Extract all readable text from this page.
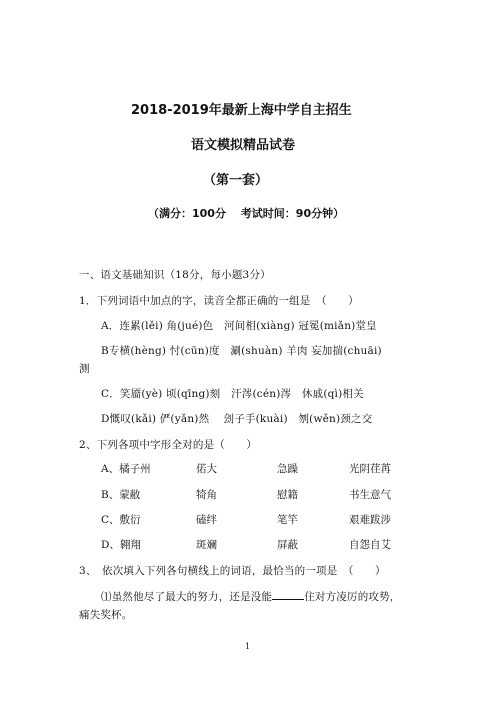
2018-2019年最新上海中学自主招生
语文模拟精品试卷
（第一套）
（满分：100分　 考试时间：90分钟）
一、语文基础知识（18分，每小题3分）
1．下列词语中加点的字，读音全都正确的一组是　（　　）
A．连累(lěi) 角(jué)色　河间相(xiàng) 冠冕(miǎn)堂皇
B专横(hèng) 忖(cūn)度　涮(shuàn) 羊肉 妄加揣(chuāi)
测
C．笑靥(yè) 顷(qīng)刻　汗涔(cén)涔　休戚(qì)相关
D慨叹(kǎi) 俨(yǎn)然　 刽子手(kuài)　刎(wěn)颈之交
2、下列各项中字形全对的是（　　）
A、橘子州	偌大	急躁	光阴荏苒
B、蒙敝	犄角	慰籍	书生意气
C、敷衍	磕绊	笔竿	艰难跋涉
D、翱翔	斑斓	屏蔽	自怨自艾
3、　依次填入下列各句横线上的词语，最恰当的一项是　（　　）
⑴虽然他尽了最大的努力，还是没能	住对方凌厉的攻势，
痛失奖杯。
1
